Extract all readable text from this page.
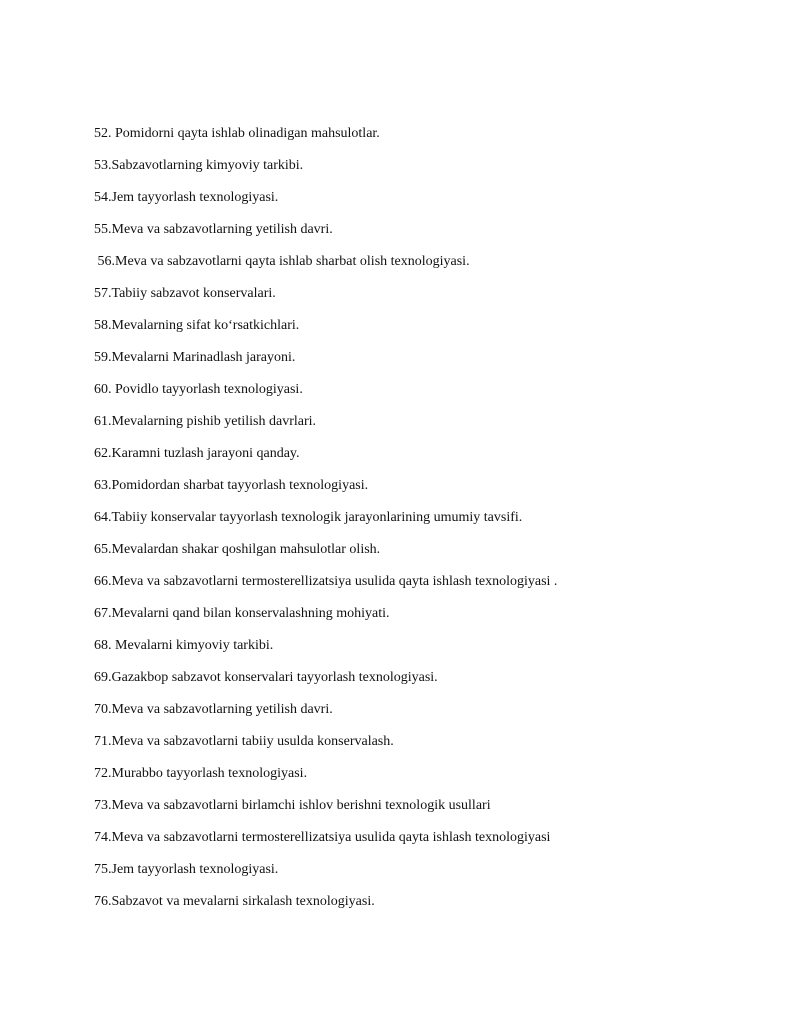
52. Pomidorni qayta ishlab olinadigan mahsulotlar.
53.Sabzavotlarning kimyoviy tarkibi.
54.Jem tayyorlash texnologiyasi.
55.Meva va sabzavotlarning yetilish davri.
56.Meva va sabzavotlarni qayta ishlab sharbat olish texnologiyasi.
57.Tabiiy sabzavot konservalari.
58.Mevalarning sifat ko‘rsatkichlari.
59.Mevalarni Marinadlash jarayoni.
60. Povidlo tayyorlash texnologiyasi.
61.Mevalarning pishib yetilish davrlari.
62.Karamni tuzlash jarayoni qanday.
63.Pomidordan sharbat tayyorlash texnologiyasi.
64.Tabiiy konservalar tayyorlash texnologik jarayonlarining umumiy tavsifi.
65.Mevalardan shakar qoshilgan mahsulotlar olish.
66.Meva va sabzavotlarni termosterellizatsiya usulida qayta ishlash texnologiyasi .
67.Mevalarni qand bilan konservalashning mohiyati.
68. Mevalarni kimyoviy tarkibi.
69.Gazakbop sabzavot konservalari tayyorlash texnologiyasi.
70.Meva va sabzavotlarning yetilish davri.
71.Meva va sabzavotlarni tabiiy usulda konservalash.
72.Murabbo tayyorlash texnologiyasi.
73.Meva va sabzavotlarni birlamchi ishlov berishni texnologik usullari
74.Meva va sabzavotlarni termosterellizatsiya usulida qayta ishlash texnologiyasi
75.Jem tayyorlash texnologiyasi.
76.Sabzavot va mevalarni sirkalash texnologiyasi.
